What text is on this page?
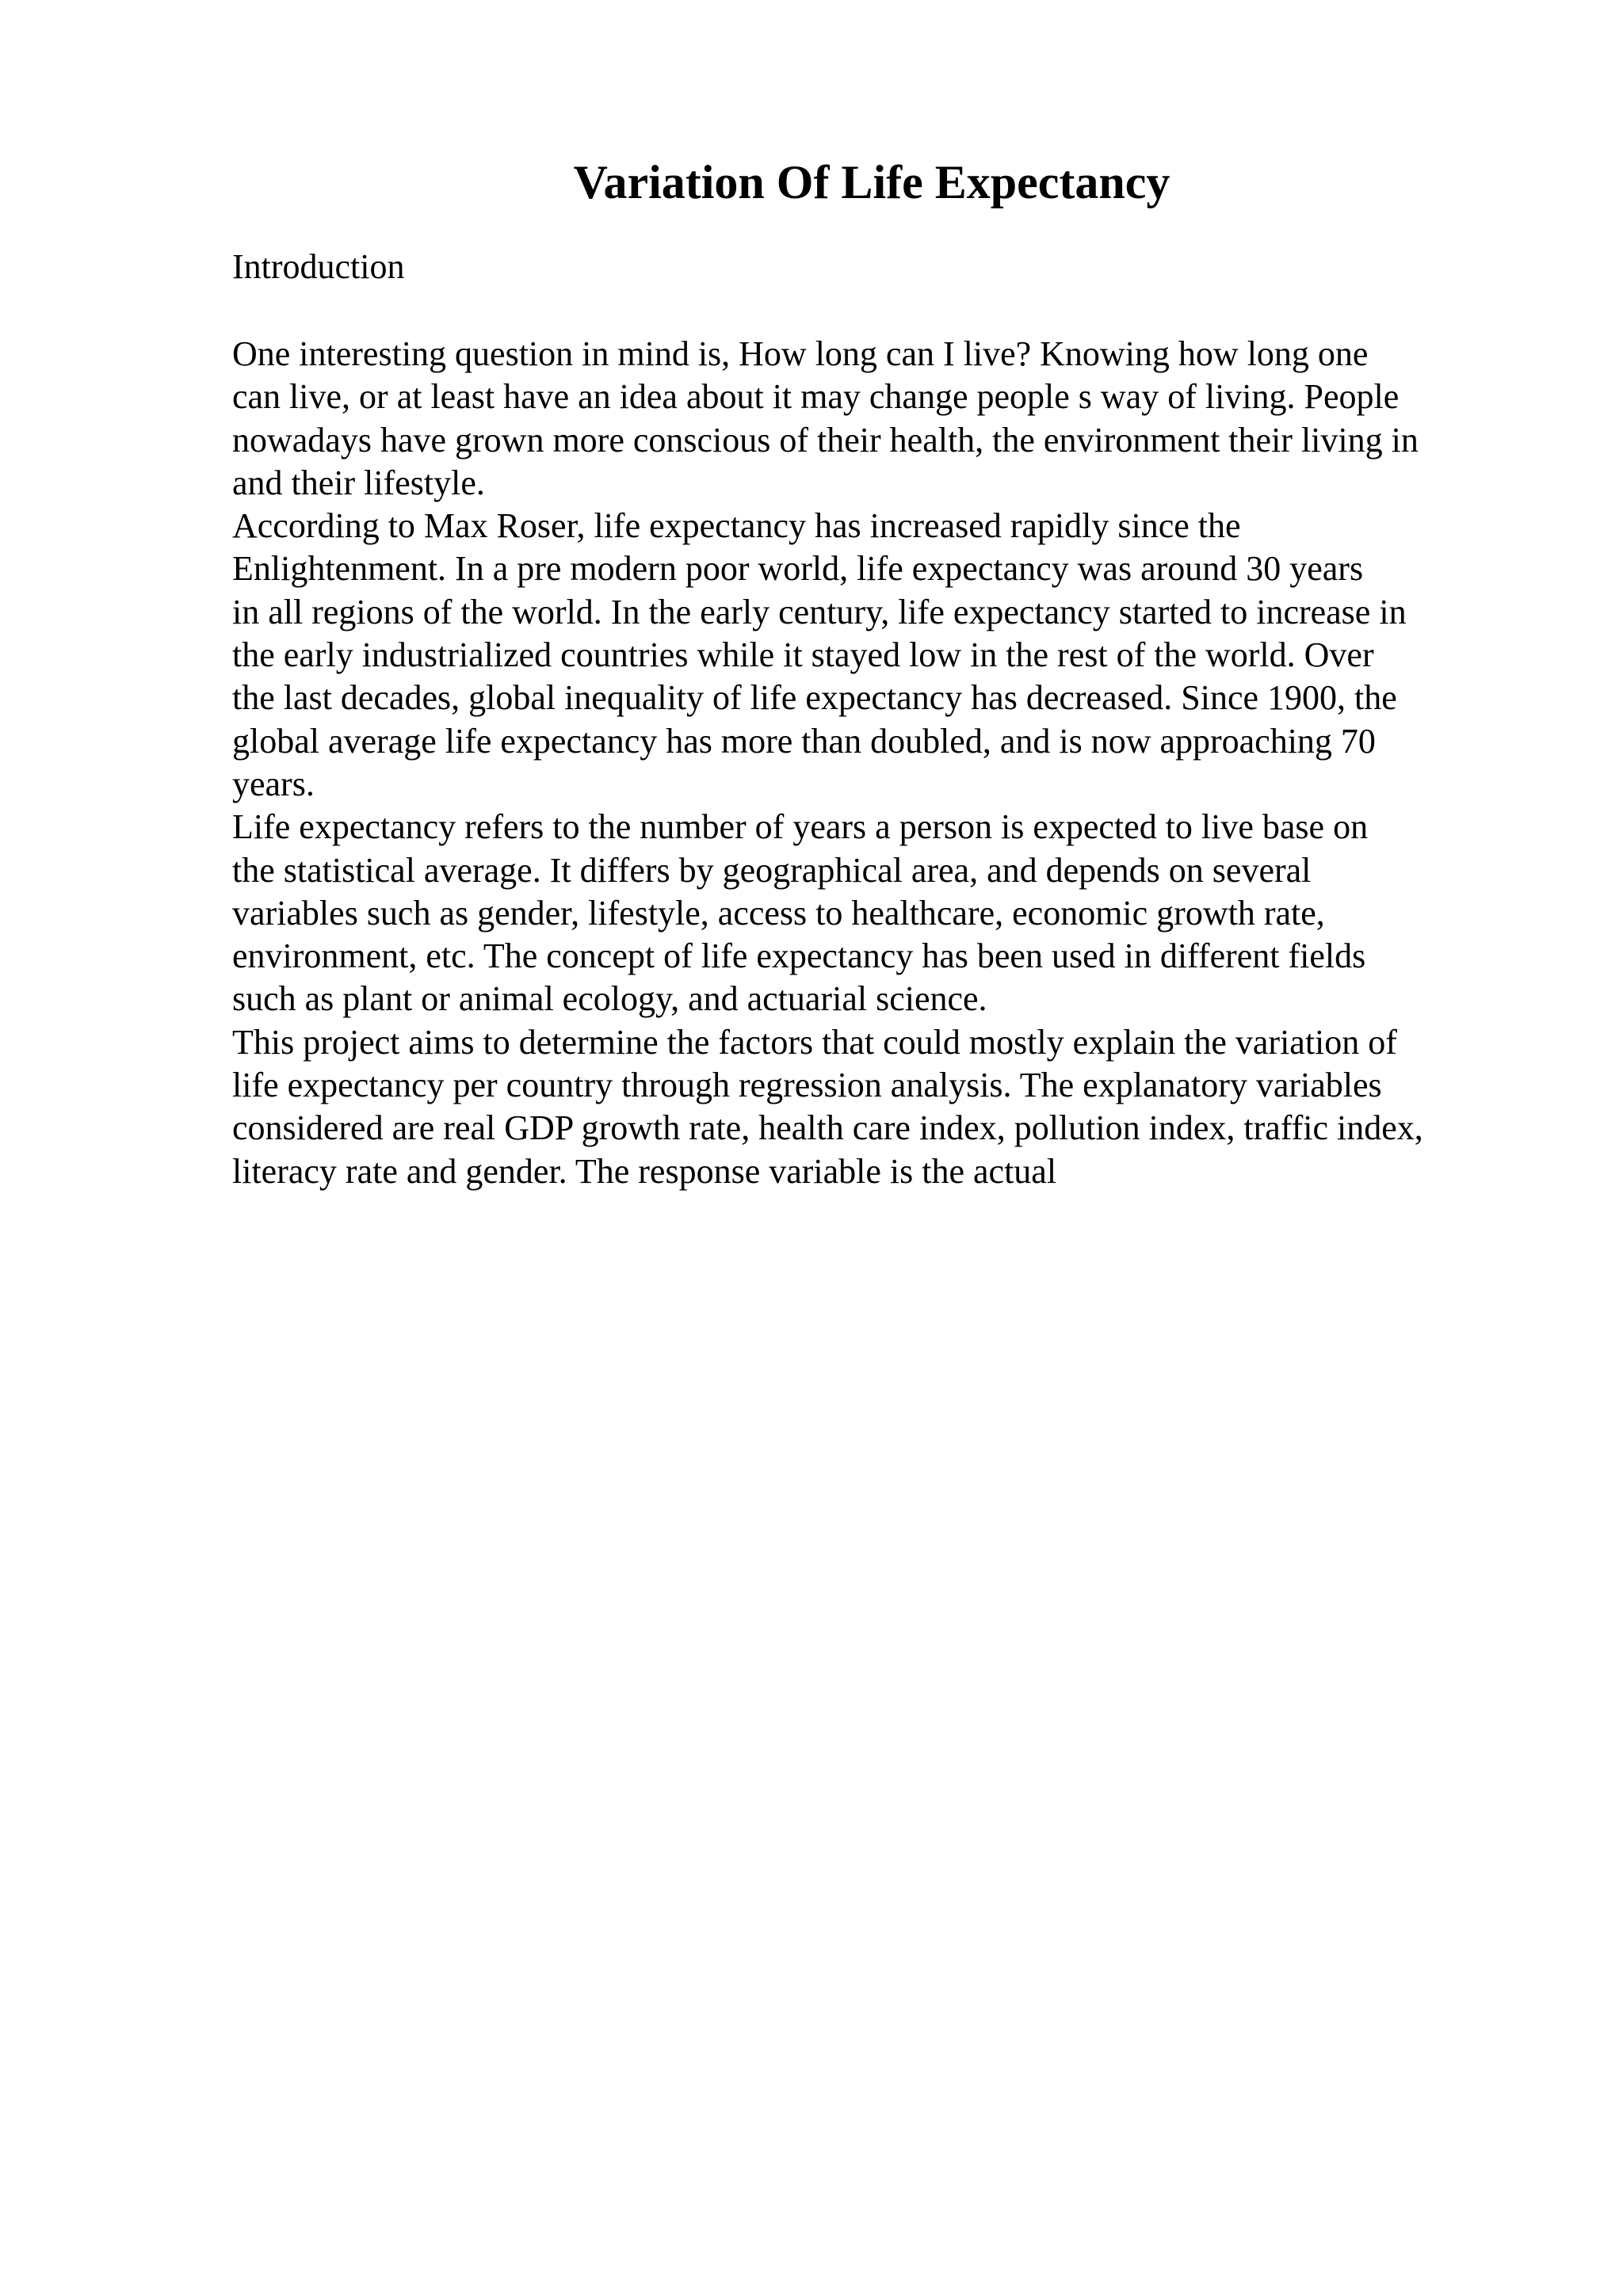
Variation Of Life Expectancy

Introduction

One interesting question in mind is, How long can I live? Knowing how long one
can live, or at least have an idea about it may change people s way of living. People
nowadays have grown more conscious of their health, the environment their living in
and their lifestyle.
According to Max Roser, life expectancy has increased rapidly since the
Enlightenment. In a pre modern poor world, life expectancy was around 30 years
in all regions of the world. In the early century, life expectancy started to increase in
the early industrialized countries while it stayed low in the rest of the world. Over
the last decades, global inequality of life expectancy has decreased. Since 1900, the
global average life expectancy has more than doubled, and is now approaching 70
years.
Life expectancy refers to the number of years a person is expected to live base on
the statistical average. It differs by geographical area, and depends on several
variables such as gender, lifestyle, access to healthcare, economic growth rate,
environment, etc. The concept of life expectancy has been used in different fields
such as plant or animal ecology, and actuarial science.
This project aims to determine the factors that could mostly explain the variation of
life expectancy per country through regression analysis. The explanatory variables
considered are real GDP growth rate, health care index, pollution index, traffic index,
literacy rate and gender. The response variable is the actual
